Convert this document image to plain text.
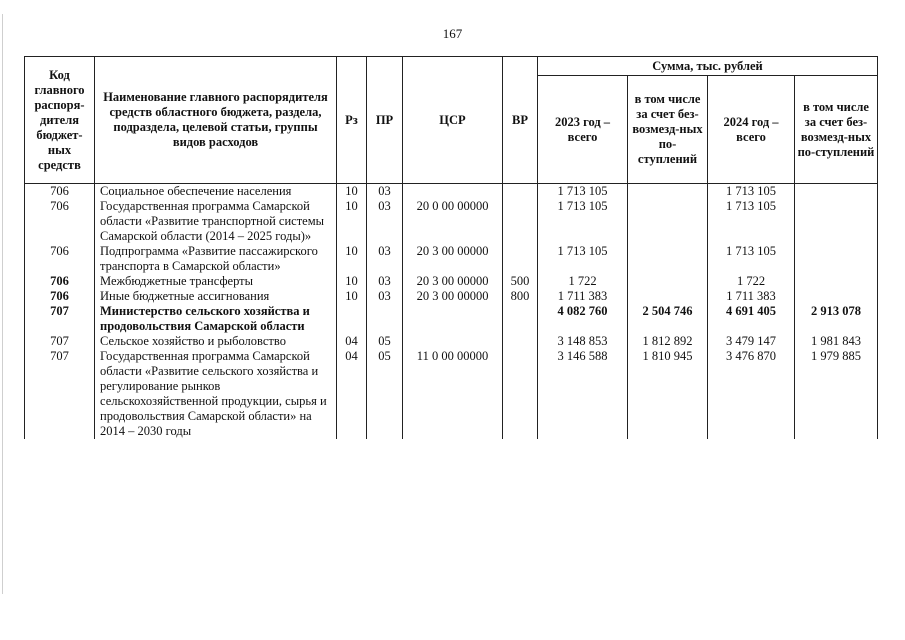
167
Код главного распоря-дителя бюджет-ных средств	Наименование главного распорядителя средств областного бюджета, раздела, подраздела, целевой статьи, группы видов расходов	Рз	ПР	ЦСР	ВР	Сумма, тыс. рублей			
						2023 год – всего	в том числе за счет без-возмезд-ных по-ступлений	2024 год – всего	в том числе за счет без-возмезд-ных по-ступлений
706	Социальное обеспечение населения	10	03			1 713 105		1 713 105	
706	Государственная программа Самарской области «Развитие транспортной системы Самарской области (2014 – 2025 годы)»	10	03	20 0 00 00000		1 713 105		1 713 105	
706	Подпрограмма «Развитие пассажирского транспорта в Самарской области»	10	03	20 3 00 00000		1 713 105		1 713 105	
706	Межбюджетные трансферты	10	03	20 3 00 00000	500	1 722		1 722	
706	Иные бюджетные ассигнования	10	03	20 3 00 00000	800	1 711 383		1 711 383	
707	Министерство сельского хозяйства и продовольствия Самарской области					4 082 760	2 504 746	4 691 405	2 913 078
707	Сельское хозяйство и рыболовство	04	05			3 148 853	1 812 892	3 479 147	1 981 843
707	Государственная программа Самарской области «Развитие сельского хозяйства и регулирование рынков сельскохозяйственной продукции, сырья и продовольствия Самарской области» на 2014 – 2030 годы	04	05	11 0 00 00000		3 146 588	1 810 945	3 476 870	1 979 885
